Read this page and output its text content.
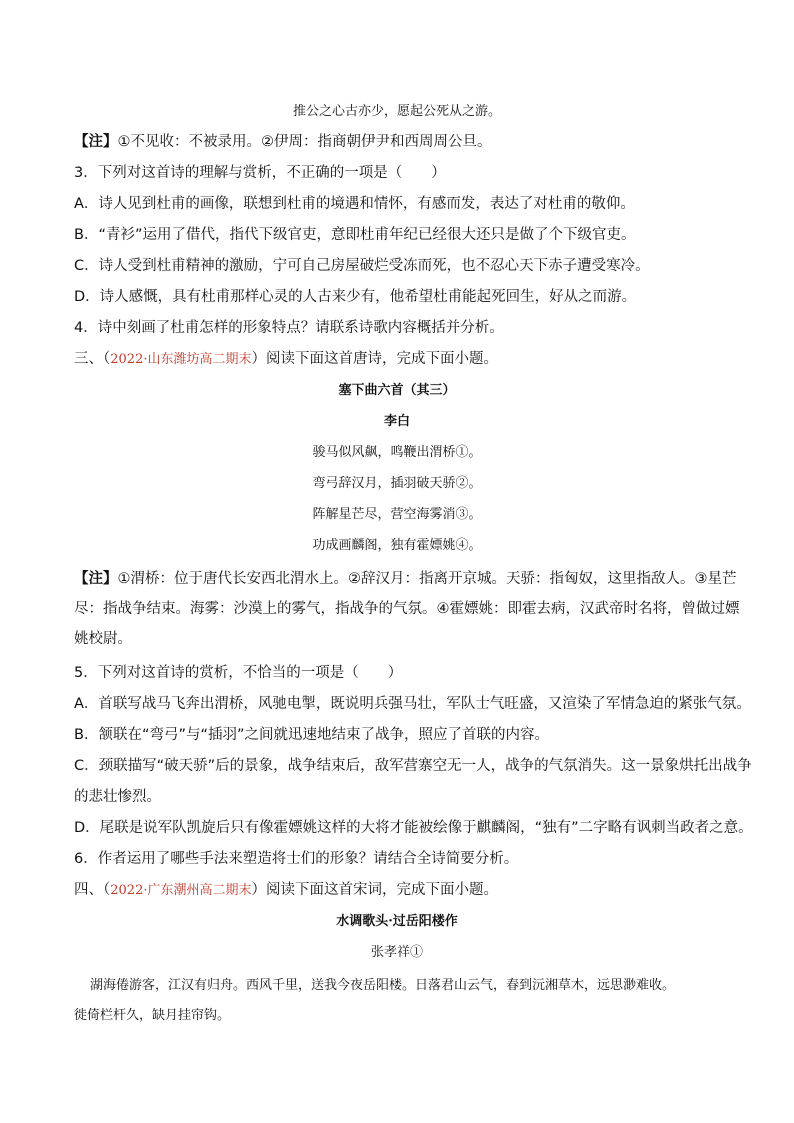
推公之心古亦少，愿起公死从之游。
【注】①不见收：不被录用。②伊周：指商朝伊尹和西周周公旦。
3．下列对这首诗的理解与赏析，不正确的一项是（　　）
A．诗人见到杜甫的画像，联想到杜甫的境遇和情怀，有感而发，表达了对杜甫的敬仰。
B．“青衫”运用了借代，指代下级官吏，意即杜甫年纪已经很大还只是做了个下级官吏。
C．诗人受到杜甫精神的激励，宁可自己房屋破烂受冻而死，也不忍心天下赤子遭受寒冷。
D．诗人感慨，具有杜甫那样心灵的人古来少有，他希望杜甫能起死回生，好从之而游。
4．诗中刻画了杜甫怎样的形象特点？请联系诗歌内容概括并分析。
三、（2022·山东潍坊高二期末）阅读下面这首唐诗，完成下面小题。
塞下曲六首（其三）
李白
骏马似风飙，鸣鞭出渭桥①。
弯弓辞汉月，插羽破天骄②。
阵解星芒尽，营空海雾消③。
功成画麟阁，独有霍嫖姚④。
【注】①渭桥：位于唐代长安西北渭水上。②辞汉月：指离开京城。天骄：指匈奴，这里指敌人。③星芒
尽：指战争结束。海雾：沙漠上的雾气，指战争的气氛。④霍嫖姚：即霍去病，汉武帝时名将，曾做过嫖
姚校尉。
5．下列对这首诗的赏析，不恰当的一项是（　　）
A．首联写战马飞奔出渭桥，风驰电掣，既说明兵强马壮，军队士气旺盛，又渲染了军情急迫的紧张气氛。
B．颔联在“弯弓”与“插羽”之间就迅速地结束了战争，照应了首联的内容。
C．颈联描写“破天骄”后的景象，战争结束后，敌军营寨空无一人，战争的气氛消失。这一景象烘托出战争
的悲壮惨烈。
D．尾联是说军队凯旋后只有像霍嫖姚这样的大将才能被绘像于麒麟阁，“独有”二字略有讽刺当政者之意。
6．作者运用了哪些手法来塑造将士们的形象？请结合全诗简要分析。
四、（2022·广东潮州高二期末）阅读下面这首宋词，完成下面小题。
水调歌头·过岳阳楼作
张孝祥①
湖海倦游客，江汉有归舟。西风千里，送我今夜岳阳楼。日落君山云气，春到沅湘草木，远思渺难收。
徙倚栏杆久，缺月挂帘钩。
